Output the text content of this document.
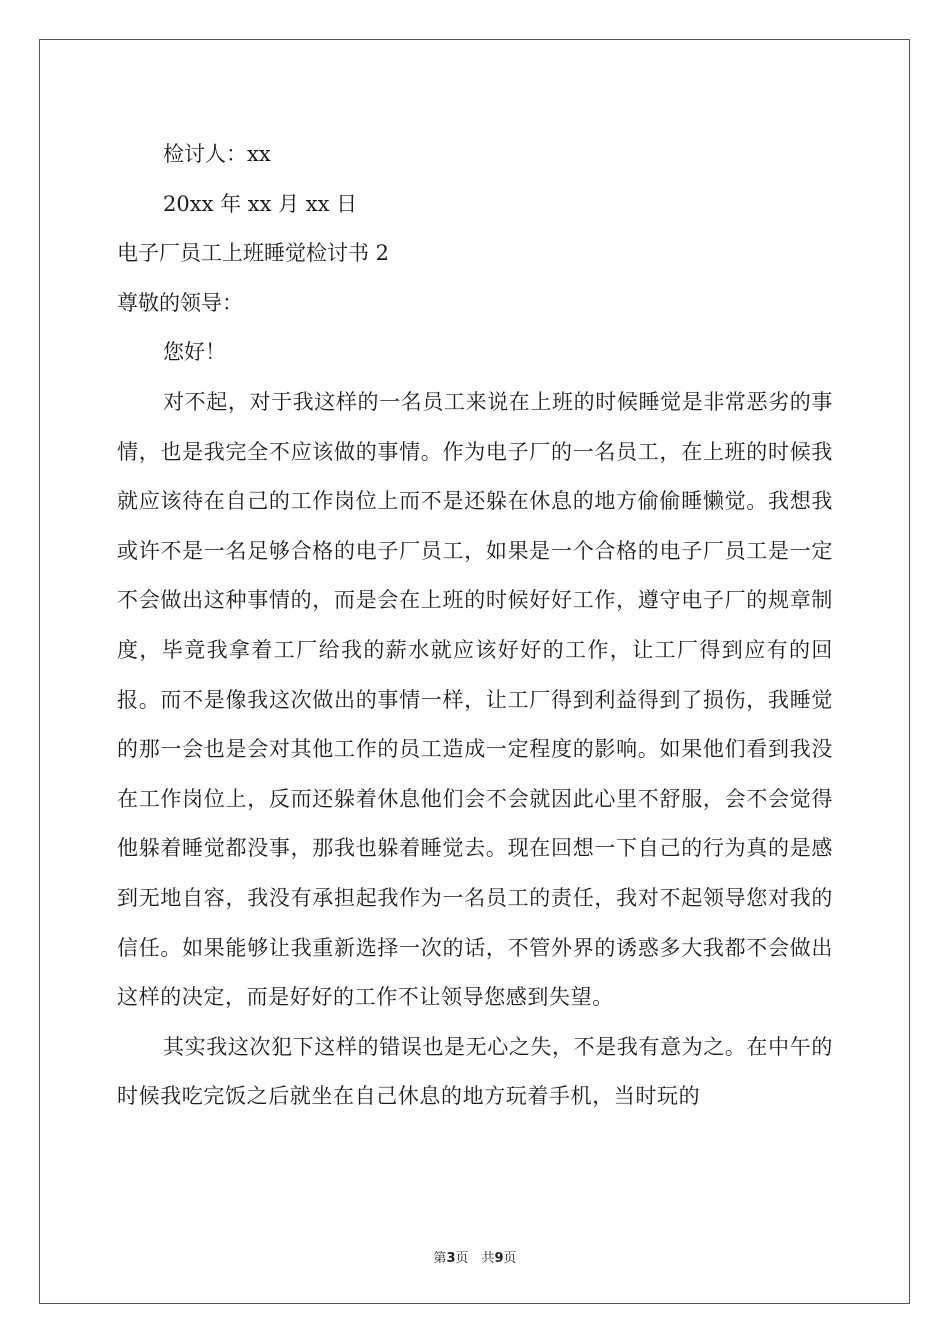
检讨人：xx

20xx 年 xx 月 xx 日

电子厂员工上班睡觉检讨书 2

尊敬的领导：

您好！

对不起，对于我这样的一名员工来说在上班的时候睡觉是非常恶劣的事情，也是我完全不应该做的事情。作为电子厂的一名员工，在上班的时候我就应该待在自己的工作岗位上而不是还躲在休息的地方偷偷睡懒觉。我想我或许不是一名足够合格的电子厂员工，如果是一个合格的电子厂员工是一定不会做出这种事情的，而是会在上班的时候好好工作，遵守电子厂的规章制度，毕竟我拿着工厂给我的薪水就应该好好的工作，让工厂得到应有的回报。而不是像我这次做出的事情一样，让工厂得到利益得到了损伤，我睡觉的那一会也是会对其他工作的员工造成一定程度的影响。如果他们看到我没在工作岗位上，反而还躲着休息他们会不会就因此心里不舒服，会不会觉得他躲着睡觉都没事，那我也躲着睡觉去。现在回想一下自己的行为真的是感到无地自容，我没有承担起我作为一名员工的责任，我对不起领导您对我的信任。如果能够让我重新选择一次的话，不管外界的诱惑多大我都不会做出这样的决定，而是好好的工作不让领导您感到失望。

其实我这次犯下这样的错误也是无心之失，不是我有意为之。在中午的时候我吃完饭之后就坐在自己休息的地方玩着手机，当时玩的

第3页　共9页
